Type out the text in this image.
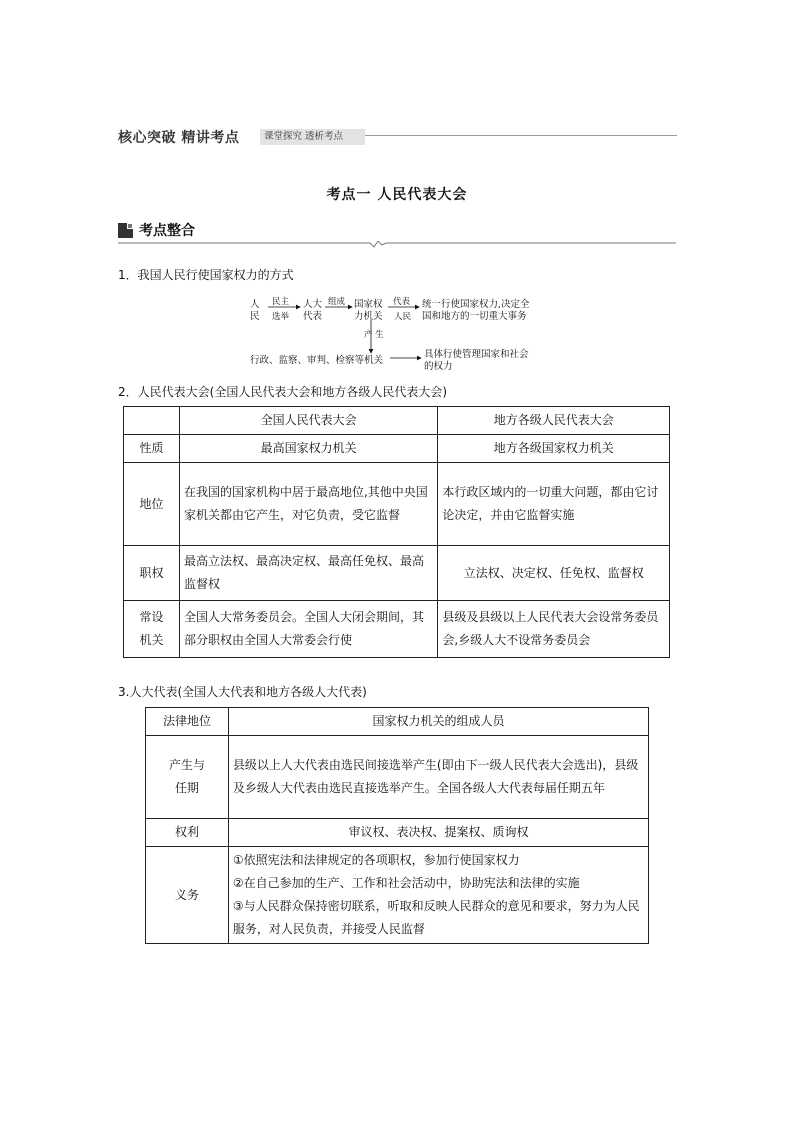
核心突破 精讲考点	课堂探究 透析考点
考点一 人民代表大会
考点整合
1．我国人民行使国家权力的方式
人
民
民主
选举
人大
代表
组成 国家权
力机关
代表
人民
统一行使国家权力,决定全
国和地方的一切重大事务
产 生
行政、监察、审判、检察等机关
具体行使管理国家和社会
的权力
2．人民代表大会(全国人民代表大会和地方各级人民代表大会)
	全国人民代表大会	地方各级人民代表大会
性质	最高国家权力机关	地方各级国家权力机关
地位	在我国的国家机构中居于最高地位,其他中央国家机关都由它产生，对它负责，受它监督	本行政区域内的一切重大问题，都由它讨论决定，并由它监督实施
职权	最高立法权、最高决定权、最高任免权、最高监督权	立法权、决定权、任免权、监督权
常设机关	全国人大常务委员会。全国人大闭会期间，其部分职权由全国人大常委会行使	县级及县级以上人民代表大会设常务委员会,乡级人大不设常务委员会
3.人大代表(全国人大代表和地方各级人大代表)
法律地位	国家权力机关的组成人员
产生与任期	县级以上人大代表由选民间接选举产生(即由下一级人民代表大会选出)，县级及乡级人大代表由选民直接选举产生。全国各级人大代表每届任期五年
权利	审议权、表决权、提案权、质询权
义务	①依照宪法和法律规定的各项职权，参加行使国家权力
②在自己参加的生产、工作和社会活动中，协助宪法和法律的实施
③与人民群众保持密切联系，听取和反映人民群众的意见和要求，努力为人民服务，对人民负责，并接受人民监督
